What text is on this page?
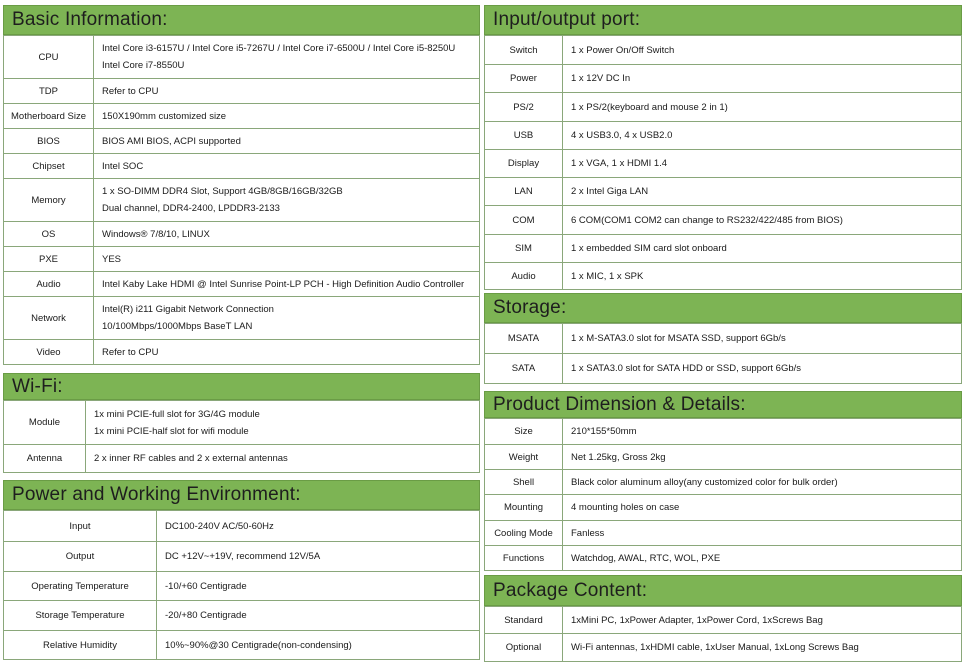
Basic Information:
CPU	Intel Core i3-6157U / Intel Core i5-7267U / Intel Core i7-6500U / Intel Core i5-8250U
Intel Core i7-8550U

TDP	Refer to CPU

Motherboard Size	150X190mm customized size

BIOS	BIOS AMI BIOS, ACPI supported

Chipset	Intel SOC

Memory	1 x SO-DIMM DDR4 Slot, Support 4GB/8GB/16GB/32GB
Dual channel, DDR4-2400, LPDDR3-2133

OS	Windows® 7/8/10, LINUX

PXE	YES

Audio	Intel Kaby Lake HDMI @ Intel Sunrise Point-LP PCH - High Definition Audio Controller

Network	Intel(R) i211 Gigabit Network Connection
10/100Mbps/1000Mbps BaseT LAN

Video	Refer to CPU
Wi-Fi:
Module	1x mini PCIE-full slot for 3G/4G module
1x mini PCIE-half slot for wifi module

Antenna	2 x inner RF cables and 2 x external antennas
Power and Working Environment:
Input	DC100-240V AC/50-60Hz

Output	DC +12V~+19V, recommend 12V/5A

Operating Temperature	-10/+60 Centigrade

Storage Temperature	-20/+80 Centigrade

Relative Humidity	10%~90%@30 Centigrade(non-condensing)
Input/output port:
Switch	1 x Power On/Off Switch

Power	1 x 12V DC In

PS/2	1 x PS/2(keyboard and mouse 2 in 1)

USB	4 x USB3.0, 4 x USB2.0

Display	1 x VGA, 1 x HDMI 1.4

LAN	2 x Intel Giga LAN

COM	6 COM(COM1 COM2 can change to RS232/422/485 from BIOS)

SIM	1 x embedded SIM card slot onboard

Audio	1 x MIC, 1 x SPK
Storage:
MSATA	1 x M-SATA3.0 slot for MSATA SSD, support 6Gb/s

SATA	1 x SATA3.0 slot for SATA HDD or SSD, support 6Gb/s
Product Dimension & Details:
Size	210*155*50mm

Weight	Net 1.25kg, Gross 2kg

Shell	Black color aluminum alloy(any customized color for bulk order)

Mounting	4 mounting holes on case

Cooling Mode	Fanless

Functions	Watchdog, AWAL, RTC, WOL, PXE
Package Content:
Standard	1xMini PC, 1xPower Adapter, 1xPower Cord, 1xScrews Bag

Optional	Wi-Fi antennas, 1xHDMI cable, 1xUser Manual, 1xLong Screws Bag
